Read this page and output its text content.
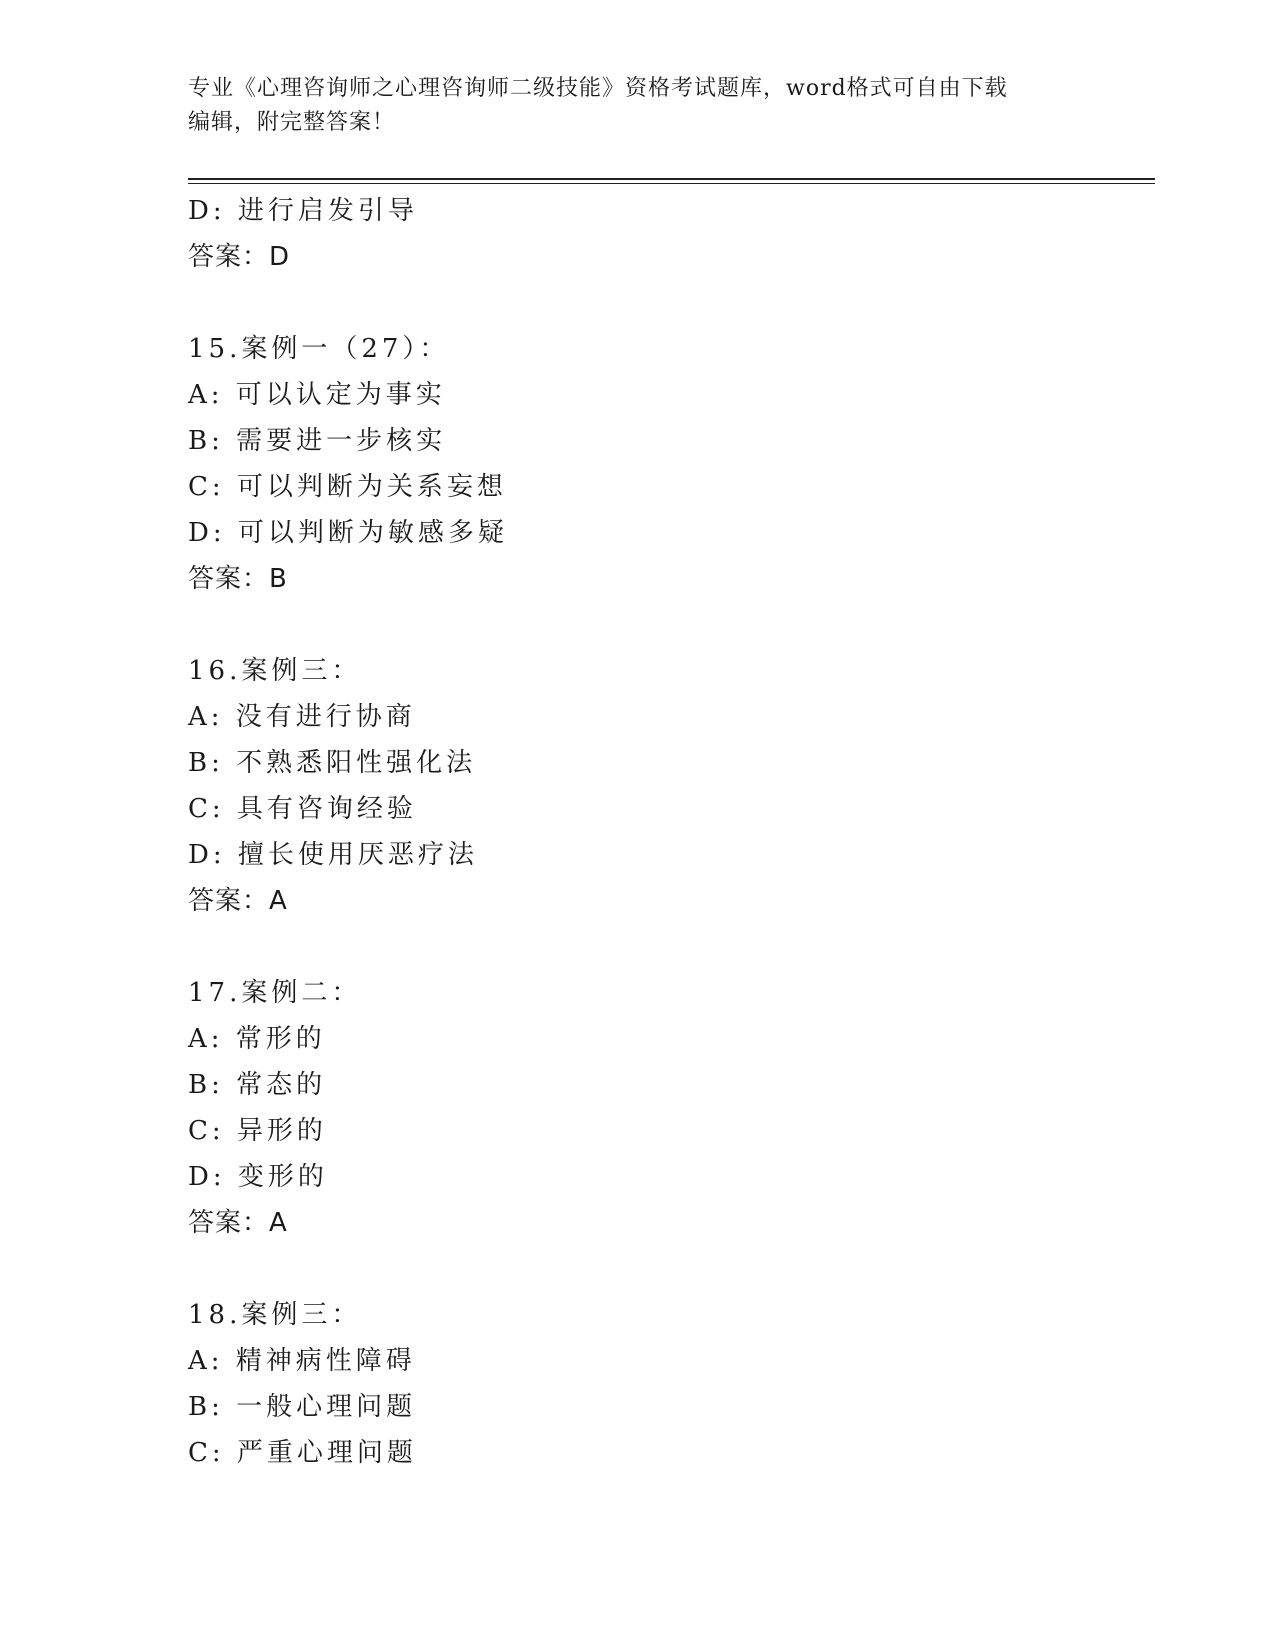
专业《心理咨询师之心理咨询师二级技能》资格考试题库，word格式可自由下载
编辑，附完整答案！
D: 进行启发引导
答案：D
15.案例一（27）：
A: 可以认定为事实
B: 需要进一步核实
C: 可以判断为关系妄想
D: 可以判断为敏感多疑
答案：B
16.案例三：
A: 没有进行协商
B: 不熟悉阳性强化法
C: 具有咨询经验
D: 擅长使用厌恶疗法
答案：A
17.案例二：
A: 常形的
B: 常态的
C: 异形的
D: 变形的
答案：A
18.案例三：
A: 精神病性障碍
B: 一般心理问题
C: 严重心理问题
